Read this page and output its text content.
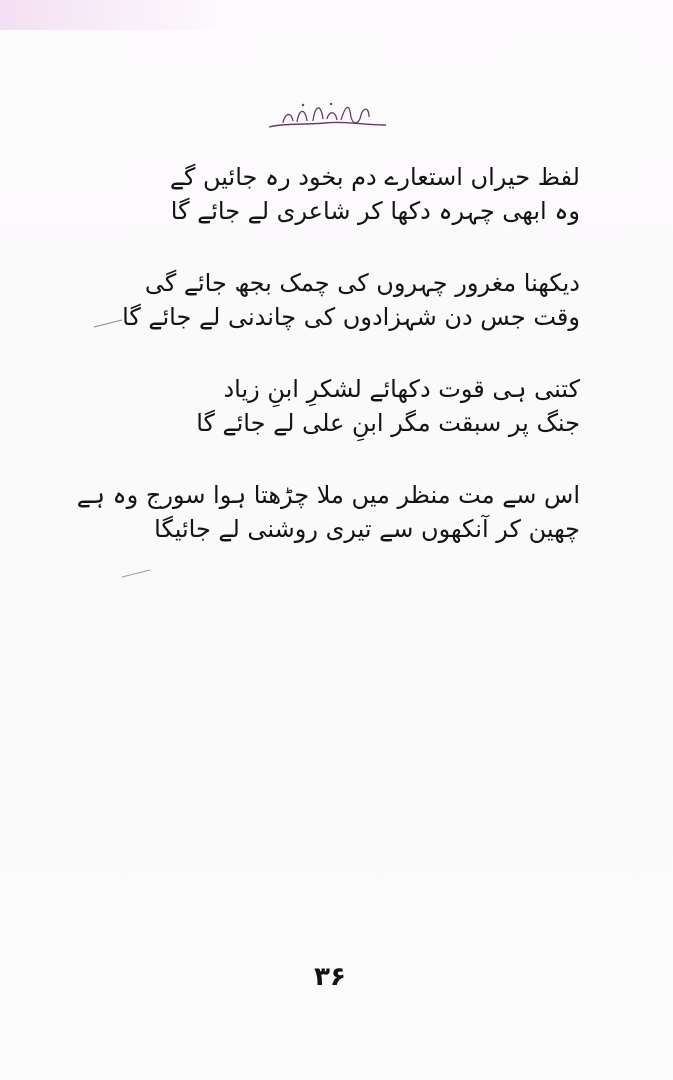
لفظ حیراں استعارے دم بخود رہ جائیں گے
وہ ابھی چہرہ دکھا کر شاعری لے جائے گا
دیکھنا مغرور چہروں کی چمک بجھ جائے گی
وقت جس دن شہزادوں کی چاندنی لے جائے گا
کتنی ہی قوت دکھائے لشکرِ ابنِ زیاد
جنگ پر سبقت مگر ابنِ علی لے جائے گا
اس سے مت منظر میں ملا چڑھتا ہوا سورج وہ ہے
چھین کر آنکھوں سے تیری روشنی لے جائیگا
۳۶
